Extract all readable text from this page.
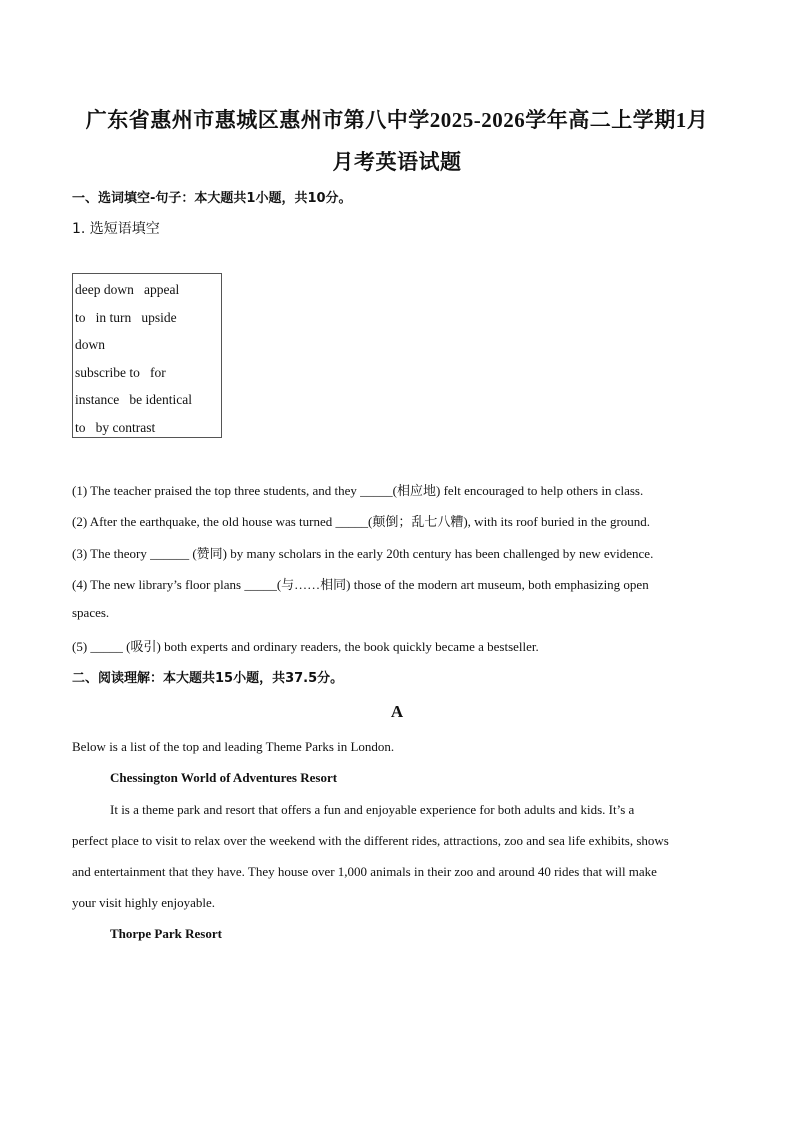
广东省惠州市惠城区惠州市第八中学2025-2026学年高二上学期1月
月考英语试题
一、选词填空-句子：本大题共1小题，共10分。
1. 选短语填空
deep down   appeal
to   in turn   upside
down
subscribe to   for
instance   be identical
to   by contrast
(1) The teacher praised the top three students, and they _____(相应地) felt encouraged to help others in class.
(2) After the earthquake, the old house was turned _____(颠倒；乱七八糟), with its roof buried in the ground.
(3) The theory ______ (赞同) by many scholars in the early 20th century has been challenged by new evidence.
(4) The new library’s floor plans _____(与……相同) those of the modern art museum, both emphasizing open
spaces.
(5) _____ (吸引) both experts and ordinary readers, the book quickly became a bestseller.
二、阅读理解：本大题共15小题，共37.5分。
A
Below is a list of the top and leading Theme Parks in London.
Chessington World of Adventures Resort
It is a theme park and resort that offers a fun and enjoyable experience for both adults and kids. It’s a
perfect place to visit to relax over the weekend with the different rides, attractions, zoo and sea life exhibits, shows
and entertainment that they have. They house over 1,000 animals in their zoo and around 40 rides that will make
your visit highly enjoyable.
Thorpe Park Resort
